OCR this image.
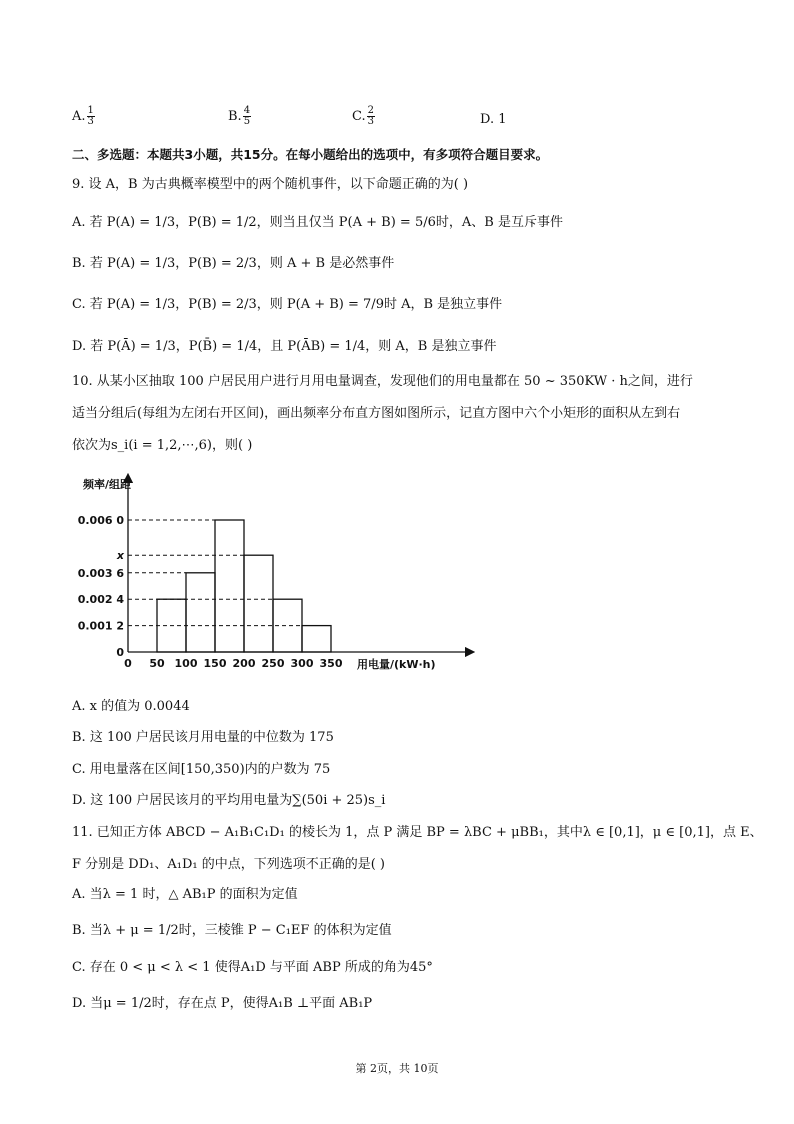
A. $\frac{1}{3}$	B. $\frac{4}{5}$	C. $\frac{2}{3}$	D. 1
二、多选题：本题共3小题，共15分。在每小题给出的选项中，有多项符合题目要求。
9. 设 A，B 为古典概率模型中的两个随机事件，以下命题正确的为( )
A. 若 P(A) = 1/3，P(B) = 1/2，则当且仅当 P(A + B) = 5/6时，A、B 是互斥事件
B. 若 P(A) = 1/3，P(B) = 2/3，则 A + B 是必然事件
C. 若 P(A) = 1/3，P(B) = 2/3，则 P(A + B) = 7/9时 A，B 是独立事件
D. 若 P(Ā) = 1/3，P(B̄) = 1/4，且 P(ĀB) = 1/4，则 A，B 是独立事件
10. 从某小区抽取 100 户居民用户进行月用电量调查，发现他们的用电量都在 50 ~ 350KW · h之间，进行
适当分组后(每组为左闭右开区间)，画出频率分布直方图如图所示，记直方图中六个小矩形的面积从左到右
依次为s_i(i = 1,2,⋯,6)，则( )
频率/组距
0
0.001 2
0.002 4
0.003 6
x
0.006 0
0 50 100 150 200 250 300 350 用电量/(kW·h)
A. x 的值为 0.0044
B. 这 100 户居民该月用电量的中位数为 175
C. 用电量落在区间[150,350)内的户数为 75
D. 这 100 户居民该月的平均用电量为∑(50i + 25)s_i
11. 已知正方体 ABCD − A₁B₁C₁D₁ 的棱长为 1，点 P 满足 BP = λBC + μBB₁，其中λ ∈ [0,1]，μ ∈ [0,1]，点 E、
F 分别是 DD₁、A₁D₁ 的中点，下列选项不正确的是( )
A. 当λ = 1 时，△ AB₁P 的面积为定值
B. 当λ + μ = 1/2时，三棱锥 P − C₁EF 的体积为定值
C. 存在 0 < μ < λ < 1 使得A₁D 与平面 ABP 所成的角为45°
D. 当μ = 1/2时，存在点 P，使得A₁B ⊥平面 AB₁P
第 2页，共 10页
